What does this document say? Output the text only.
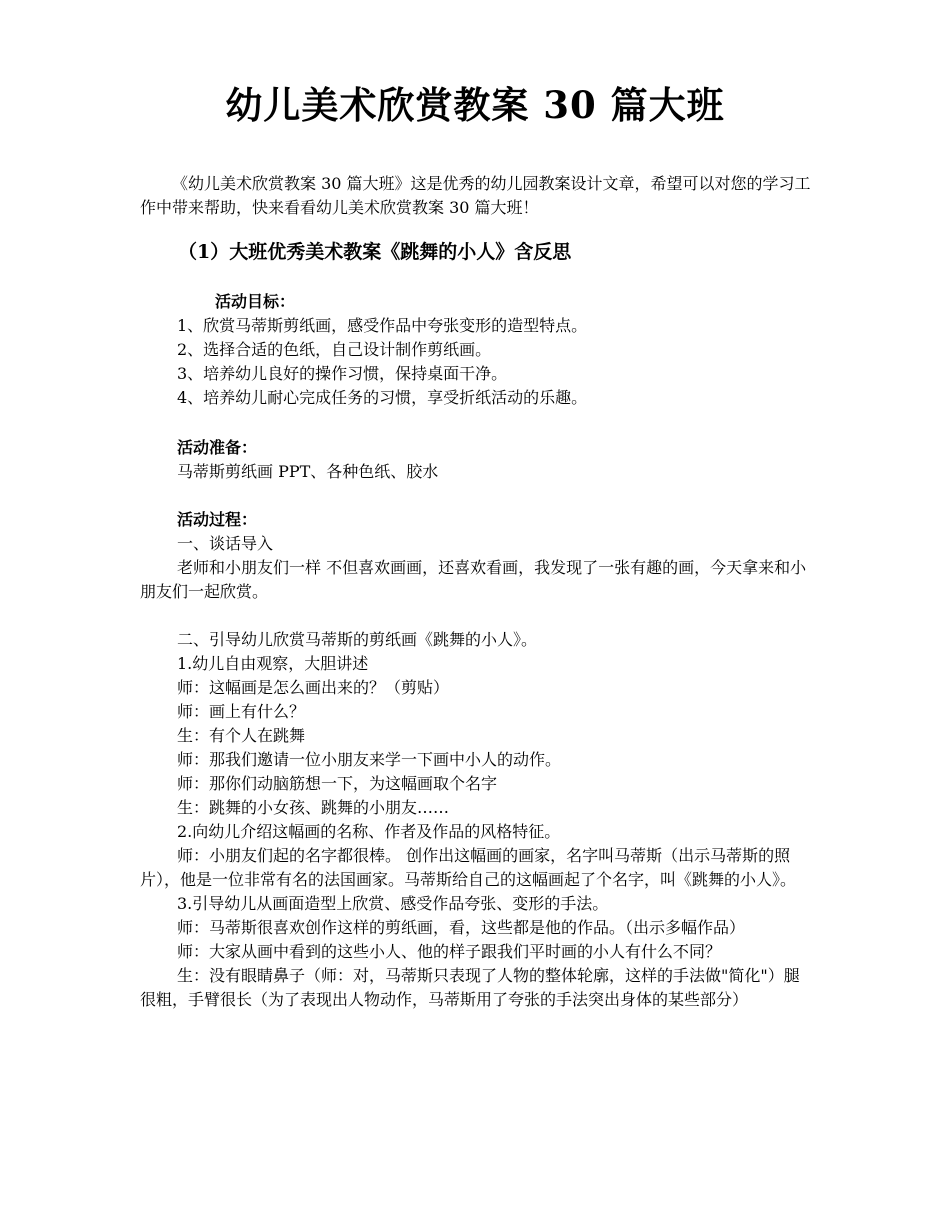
幼儿美术欣赏教案 30 篇大班
《幼儿美术欣赏教案 30 篇大班》这是优秀的幼儿园教案设计文章，希望可以对您的学习工作中带来帮助，快来看看幼儿美术欣赏教案 30 篇大班！
（1）大班优秀美术教案《跳舞的小人》含反思
活动目标：
1、欣赏马蒂斯剪纸画，感受作品中夸张变形的造型特点。
2、选择合适的色纸，自己设计制作剪纸画。
3、培养幼儿良好的操作习惯，保持桌面干净。
4、培养幼儿耐心完成任务的习惯，享受折纸活动的乐趣。
活动准备：
马蒂斯剪纸画 PPT、各种色纸、胶水
活动过程：
一、谈话导入
老师和小朋友们一样 不但喜欢画画，还喜欢看画，我发现了一张有趣的画，今天拿来和小朋友们一起欣赏。
二、引导幼儿欣赏马蒂斯的剪纸画《跳舞的小人》。
1.幼儿自由观察，大胆讲述
师：这幅画是怎么画出来的？（剪贴）
师：画上有什么？
生：有个人在跳舞
师：那我们邀请一位小朋友来学一下画中小人的动作。
师：那你们动脑筋想一下，为这幅画取个名字
生：跳舞的小女孩、跳舞的小朋友……
2.向幼儿介绍这幅画的名称、作者及作品的风格特征。
师：小朋友们起的名字都很棒。 创作出这幅画的画家，名字叫马蒂斯（出示马蒂斯的照片），他是一位非常有名的法国画家。马蒂斯给自己的这幅画起了个名字，叫《跳舞的小人》。
3.引导幼儿从画面造型上欣赏、感受作品夸张、变形的手法。
师：马蒂斯很喜欢创作这样的剪纸画，看，这些都是他的作品。（出示多幅作品）
师：大家从画中看到的这些小人、他的样子跟我们平时画的小人有什么不同？
生：没有眼睛鼻子（师：对，马蒂斯只表现了人物的整体轮廓，这样的手法做"简化"）腿很粗，手臂很长（为了表现出人物动作，马蒂斯用了夸张的手法突出身体的某些部分）
